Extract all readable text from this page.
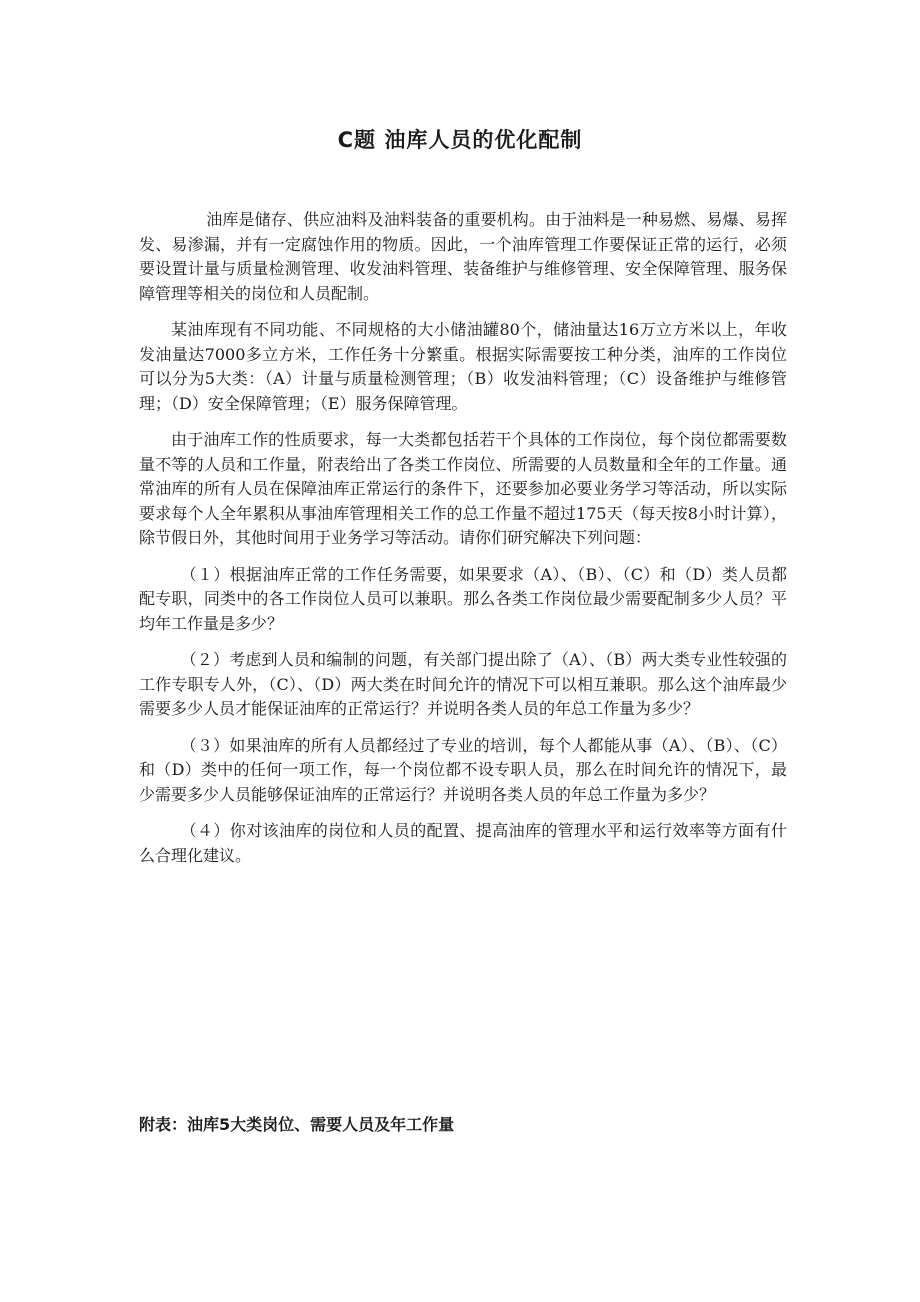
C题 油库人员的优化配制

油库是储存、供应油料及油料装备的重要机构。由于油料是一种易燃、易爆、易挥发、易渗漏，并有一定腐蚀作用的物质。因此，一个油库管理工作要保证正常的运行，必须要设置计量与质量检测管理、收发油料管理、装备维护与维修管理、安全保障管理、服务保障管理等相关的岗位和人员配制。

某油库现有不同功能、不同规格的大小储油罐80个，储油量达16万立方米以上，年收发油量达7000多立方米，工作任务十分繁重。根据实际需要按工种分类，油库的工作岗位可以分为5大类：（A）计量与质量检测管理；（B）收发油料管理；（C）设备维护与维修管理；（D）安全保障管理；（E）服务保障管理。

由于油库工作的性质要求，每一大类都包括若干个具体的工作岗位，每个岗位都需要数量不等的人员和工作量，附表给出了各类工作岗位、所需要的人员数量和全年的工作量。通常油库的所有人员在保障油库正常运行的条件下，还要参加必要业务学习等活动，所以实际要求每个人全年累积从事油库管理相关工作的总工作量不超过175天（每天按8小时计算），除节假日外，其他时间用于业务学习等活动。请你们研究解决下列问题：

（１）根据油库正常的工作任务需要，如果要求（A）、（B）、（C）和（D）类人员都配专职，同类中的各工作岗位人员可以兼职。那么各类工作岗位最少需要配制多少人员？平均年工作量是多少？

（２）考虑到人员和编制的问题，有关部门提出除了（A）、（B）两大类专业性较强的工作专职专人外，（C）、（D）两大类在时间允许的情况下可以相互兼职。那么这个油库最少需要多少人员才能保证油库的正常运行？并说明各类人员的年总工作量为多少？

（３）如果油库的所有人员都经过了专业的培训，每个人都能从事（A）、（B）、（C）和（D）类中的任何一项工作，每一个岗位都不设专职人员，那么在时间允许的情况下，最少需要多少人员能够保证油库的正常运行？并说明各类人员的年总工作量为多少？

（４）你对该油库的岗位和人员的配置、提高油库的管理水平和运行效率等方面有什么合理化建议。

附表：油库5大类岗位、需要人员及年工作量
